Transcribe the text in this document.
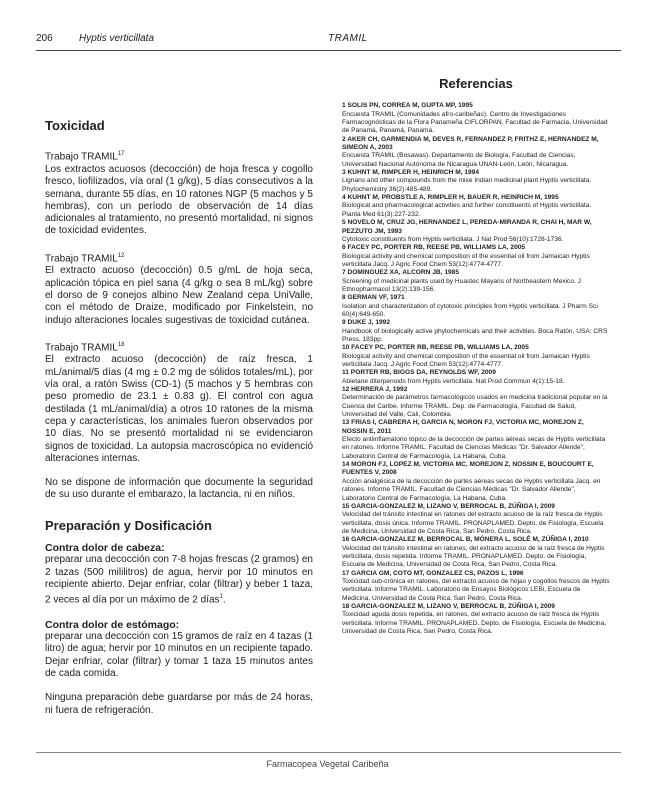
206	Hyptis verticillata	TRAMIL
Toxicidad
Trabajo TRAMIL$^{17}$

Los extractos acuosos (decocción) de hoja fresca y cogollo fresco, liofilizados, vía oral (1 g/kg), 5 días consecutivos a la semana, durante 55 días, en 10 ratones NGP (5 machos y 5 hembras), con un período de observación de 14 días adicionales al tratamiento, no presentó mortalidad, ni signos de toxicidad evidentes.

Trabajo TRAMIL$^{12}$

El extracto acuoso (decocción) 0.5 g/mL de hoja seca, aplicación tópica en piel sana (4 g/kg o sea 8 mL/kg) sobre el dorso de 9 conejos albino New Zealand cepa UniValle, con el método de Draize, modificado por Finkelstein, no indujo alteraciones locales sugestivas de toxicidad cutánea.

Trabajo TRAMIL$^{18}$

El extracto acuoso (decocción) de raíz fresca, 1 mL/animal/5 días (4 mg ± 0.2 mg de sólidos totales/mL), por vía oral, a ratón Swiss (CD-1) (5 machos y 5 hembras con peso promedio de 23.1 ± 0.83 g). El control con agua destilada (1 mL/animal/día) a otros 10 ratones de la misma cepa y características, los animales fueron observados por 10 días. No se presentó mortalidad ni se evidenciaron signos de toxicidad. La autopsia macroscópica no evidenció alteraciones internas.

No se dispone de información que documente la seguridad de su uso durante el embarazo, la lactancia, ni en niños.

Preparación y Dosificación
Contra dolor de cabeza:

preparar una decocción con 7-8 hojas frescas (2 gramos) en 2 tazas (500 mililitros) de agua, hervir por 10 minutos en recipiente abierto. Dejar enfriar, colar (filtrar) y beber 1 taza, 2 veces al día por un máximo de 2 días$^1$.

Contra dolor de estómago:

preparar una decocción con 15 gramos de raíz en 4 tazas (1 litro) de agua; hervir por 10 minutos en un recipiente tapado. Dejar enfriar, colar (filtrar) y tomar 1 taza 15 minutos antes de cada comida.

Ninguna preparación debe guardarse por más de 24 horas, ni fuera de refrigeración.

Referencias
1 SOLIS PN, CORREA M, GUPTA MP, 1995
Encuesta TRAMIL (Comunidades afro-caribeñas). Centro de Investigaciones Farmacognósticas de la Flora Panameña CIFLORPAN, Facultad de Farmacia, Universidad de Panamá, Panamá, Panamá.
2 AKER CH, GARMENDIA M, DEVES R, FERNANDEZ P, FRITHZ E, HERNANDEZ M, SIMEON A, 2003
Encuesta TRAMIL (Bosawas). Departamento de Biología, Facultad de Ciencias, Universidad Nacional Autónoma de Nicaragua UNAN-León, León, Nicaragua.
3 KUHNT M, RIMPLER H, HEINRICH M, 1994
Lignans and other compounds from the mixe Indian medicinal plant Hyptis verticillata. Phytochemistry 36(2):485-489.
4 KUHNT M, PROBSTLE A, RIMPLER H, BAUER R, HEINRICH M, 1995
Biological and pharmacological activities and further constituents of Hyptis verticillata. Planta Med 61(3):227-232.
5 NOVELO M, CRUZ JG, HERNANDEZ L, PEREDA-MIRANDA R, CHAI H, MAR W, PEZZUTO JM, 1993
Cytotoxic constituents from Hyptis verticillata. J Nat Prod 56(10):1728-1736.
6 FACEY PC, PORTER RB, REESE PB, WILLIAMS LA, 2005
Biological activity and chemical composition of the essential oil from Jamaican Hyptis verticillata Jacq. J Agric Food Chem 53(12):4774-4777.
7 DOMINGUEZ XA, ALCORN JB, 1985
Screening of medicinal plants used by Huastec Mayans of Northeastern Mexico. J Ethnopharmacol 13(2):139-156.
8 GERMAN VF, 1971
Isolation and characterization of cytotoxic principles from Hyptis verticillata. J Pharm Sci 60(4):649-650.
9 DUKE J, 1992
Handbook of biologically active phytochemicals and their activities. Boca Ratón, USA: CRS Press, 183pp.
10 FACEY PC, PORTER RB, REESE PB, WILLIAMS LA, 2005
Biological activity and chemical composition of the essential oil from Jamaican Hyptis verticillata Jacq. J Agric Food Chem 53(12):4774-4777.
11 PORTER RB, BIGGS DA, REYNOLDS WF, 2009
Abietane diterpenoids from Hyptis verticillata. Nat Prod Commun 4(1):15-18.
12 HERRERA J, 1992
Determinación de parámetros farmacológicos usados en medicina tradicional popular en la Cuenca del Caribe. Informe TRAMIL. Dep. de Farmacología, Facultad de Salud, Universidad del Valle, Cali, Colombia.
13 FRIAS I, CABRERA H, GARCIA N, MORON FJ, VICTORIA MC, MOREJON Z, NOSSIN E, 2011
Efecto antiinflamatorio tópico de la decocción de partes aéreas secas de Hyptis verticillata en ratones. Informe TRAMIL. Facultad de Ciencias Médicas "Dr. Salvador Allende", Laboratorio Central de Farmacología, La Habana, Cuba.
14 MORON FJ, LOPEZ M, VICTORIA MC, MOREJON Z, NOSSIN E, BOUCOURT E, FUENTES V, 2008
Acción analgésica de la decocción de partes aéreas secas de Hyptis verticillata Jacq. en ratones. Informe TRAMIL. Facultad de Ciencias Médicas "Dr. Salvador Allende", Laboratorio Central de Farmacología, La Habana, Cuba.
15 GARCIA-GONZALEZ M, LIZANO V, BERROCAL B, ZÚÑIGA I, 2009
Velocidad del tránsito intestinal en ratones del extracto acuoso de la raíz fresca de Hyptis verticillata, dosis única. Informe TRAMIL. PRONAPLAMED. Depto. de Fisiología, Escuela de Medicina, Universidad de Costa Rica, San Pedro, Costa Rica.
16 GARCIA-GONZALEZ M, BERROCAL B, MÓNERA L, SOLÉ M, ZÚÑIGA I, 2010
Velocidad del tránsito intestinal en ratones, del extracto acuoso de la raíz fresca de Hyptis verticillata, dosis repetida. Informe TRAMIL. PRONAPLAMED. Depto. de Fisiología, Escuela de Medicina, Universidad de Costa Rica, San Pedro, Costa Rica.
17 GARCIA GM, COTO MT, GONZALEZ CS, PAZOS L, 1996
Toxicidad sub-crónica en ratones, del extracto acuoso de hojas y cogollos frescos de Hyptis verticillata. Informe TRAMIL. Laboratorio de Ensayos Biológicos LEBi, Escuela de Medicina, Universidad de Costa Rica, San Pedro, Costa Rica.
18 GARCIA-GONZALEZ M, LIZANO V, BERROCAL B, ZÚÑIGA I, 2009
Toxicidad aguda dosis repetida, en ratones, del extracto acuoso de raíz fresca de Hyptis verticillata. Informe TRAMIL. PRONAPLAMED. Depto. de Fisiología, Escuela de Medicina, Universidad de Costa Rica, San Pedro, Costa Rica.
Farmacopea Vegetal Caribeña
